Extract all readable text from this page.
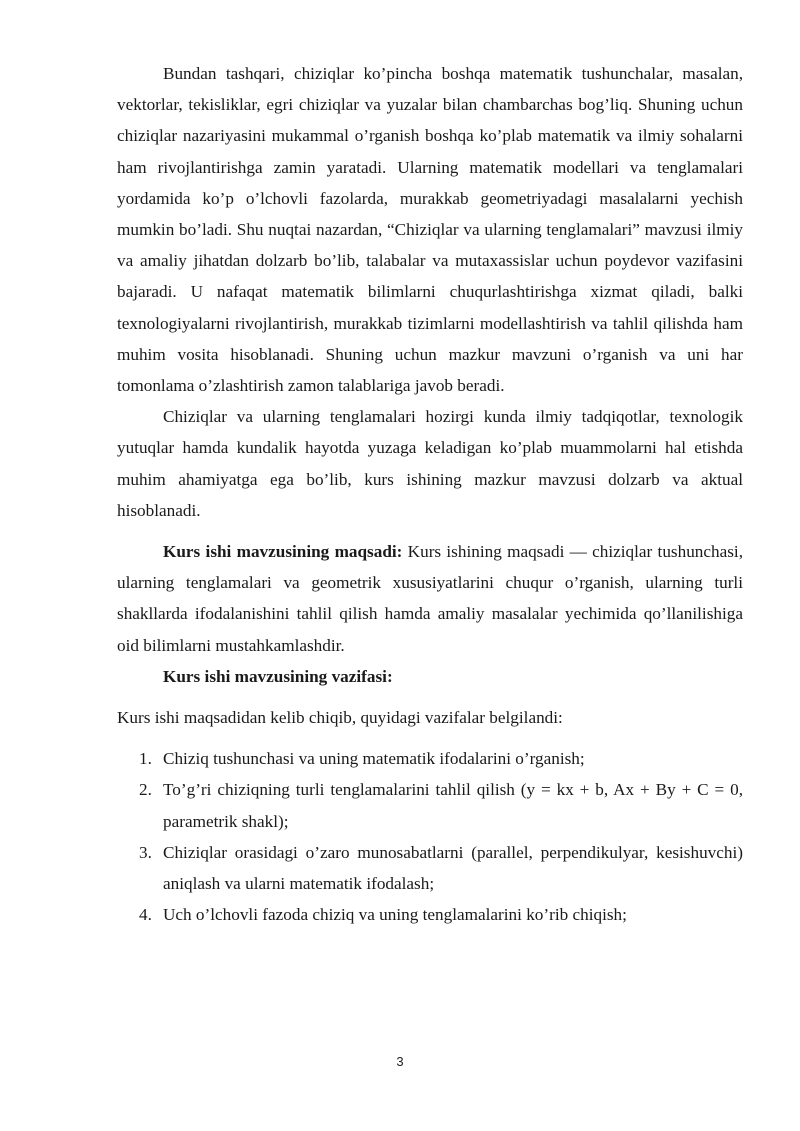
Bundan tashqari, chiziqlar ko’pincha boshqa matematik tushunchalar, masalan, vektorlar, tekisliklar, egri chiziqlar va yuzalar bilan chambarchas bog’liq. Shuning uchun chiziqlar nazariyasini mukammal o’rganish boshqa ko’plab matematik va ilmiy sohalarni ham rivojlantirishga zamin yaratadi. Ularning matematik modellari va tenglamalari yordamida ko’p o’lchovli fazolarda, murakkab geometriyadagi masalalarni yechish mumkin bo’ladi. Shu nuqtai nazardan, “Chiziqlar va ularning tenglamalari” mavzusi ilmiy va amaliy jihatdan dolzarb bo’lib, talabalar va mutaxassislar uchun poydevor vazifasini bajaradi. U nafaqat matematik bilimlarni chuqurlashtirishga xizmat qiladi, balki texnologiyalarni rivojlantirish, murakkab tizimlarni modellashtirish va tahlil qilishda ham muhim vosita hisoblanadi. Shuning uchun mazkur mavzuni o’rganish va uni har tomonlama o’zlashtirish zamon talablariga javob beradi.

Chiziqlar va ularning tenglamalari hozirgi kunda ilmiy tadqiqotlar, texnologik yutuqlar hamda kundalik hayotda yuzaga keladigan ko’plab muammolarni hal etishda muhim ahamiyatga ega bo’lib, kurs ishining mazkur mavzusi dolzarb va aktual hisoblanadi.

Kurs ishi mavzusining maqsadi: Kurs ishining maqsadi — chiziqlar tushunchasi, ularning tenglamalari va geometrik xususiyatlarini chuqur o’rganish, ularning turli shakllarda ifodalanishini tahlil qilish hamda amaliy masalalar yechimida qo’llanilishiga oid bilimlarni mustahkamlashdir.

Kurs ishi mavzusining vazifasi:

Kurs ishi maqsadidan kelib chiqib, quyidagi vazifalar belgilandi:

1. Chiziq tushunchasi va uning matematik ifodalarini o’rganish;
2. To’g’ri chiziqning turli tenglamalarini tahlil qilish (y = kx + b, Ax + By + C = 0, parametrik shakl);
3. Chiziqlar orasidagi o’zaro munosabatlarni (parallel, perpendikulyar, kesishuvchi) aniqlash va ularni matematik ifodalash;
4. Uch o’lchovli fazoda chiziq va uning tenglamalarini ko’rib chiqish;
3
